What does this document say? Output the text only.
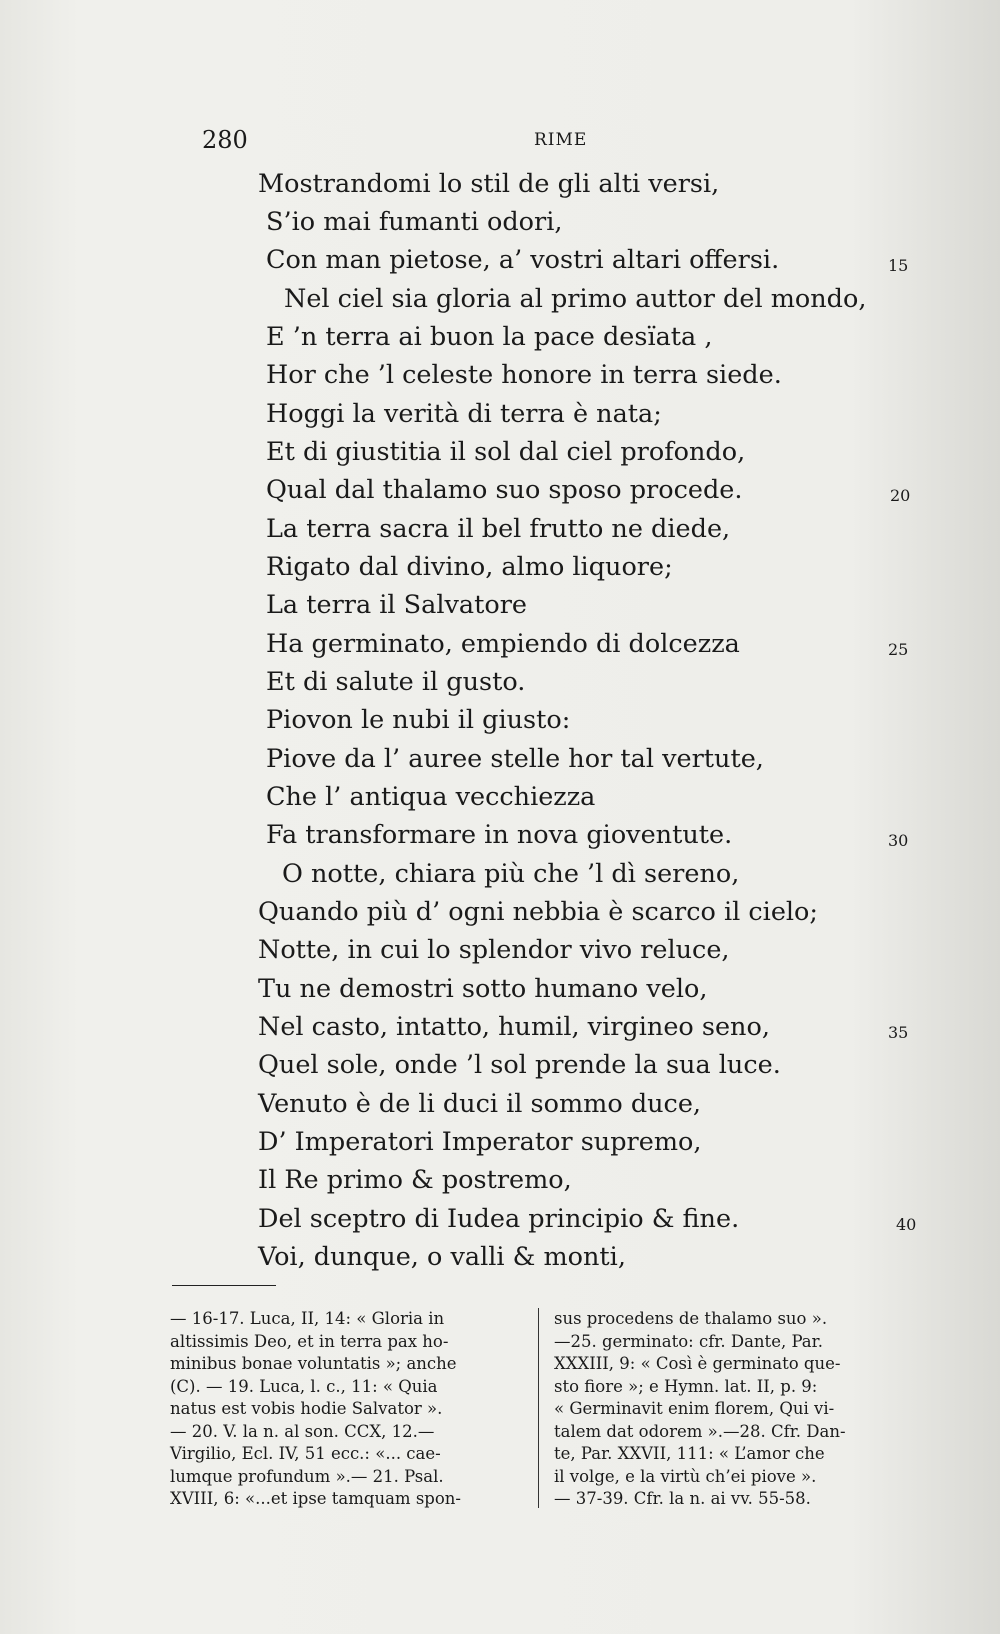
280	RIME
Mostrandomi lo stil de gli alti versi,
S’io mai fumanti odori,
Con man pietose, a’ vostri altari offersi.
Nel ciel sia gloria al primo auttor del mondo,
E ’n terra ai buon la pace desïata ,
Hor che ’l celeste honore in terra siede.
Hoggi la verità di terra è nata;
Et di giustitia il sol dal ciel profondo,
Qual dal thalamo suo sposo procede.
La terra sacra il bel frutto ne diede,
Rigato dal divino, almo liquore;
La terra il Salvatore
Ha germinato, empiendo di dolcezza
Et di salute il gusto.
Piovon le nubi il giusto:
Piove da l’ aurее stelle hor tal vertute,
Che l’ antiqua vecchiezza
Fa transformare in nova gioventute.
O notte, chiara più che ’l dì sereno,
Quando più d’ ogni nebbia è scarco il cielo;
Notte, in cui lo splendor vivo reluce,
Tu ne demostri sotto humano velo,
Nel casto, intatto, humil, virgineo seno,
Quel sole, onde ’l sol prende la sua luce.
Venuto è de li duci il sommo duce,
D’ Imperatori Imperator supremo,
Il Re primo & postremo,
Del sceptro di Iudea principio & fine.
Voi, dunque, o valli & monti,
15
20
25
30
35
40

— 16-17. Luca, II, 14: « Gloria in

altissimis Deo, et in terra pax ho-

minibus bonae voluntatis »; anche

(C). — 19. Luca, l. c., 11: « Quia

natus est vobis hodie Salvator ».

— 20. V. la n. al son. CCX, 12.—

Virgilio, Ecl. IV, 51 ecc.: «... cae-

lumque profundum ».— 21. Psal.

XVIII, 6: «...et ipse tamquam spon-

sus procedens de thalamo suo ».

—25. germinato: cfr. Dante, Par.

XXXIII, 9: « Così è germinato que-

sto fiore »; e Hymn. lat. II, p. 9:

« Germinavit enim florem, Qui vi-

talem dat odorem ».—28. Cfr. Dan-

te, Par. XXVII, 111: « L’amor che

il volge, e la virtù ch’ei piove ».

— 37-39. Cfr. la n. ai vv. 55-58.
